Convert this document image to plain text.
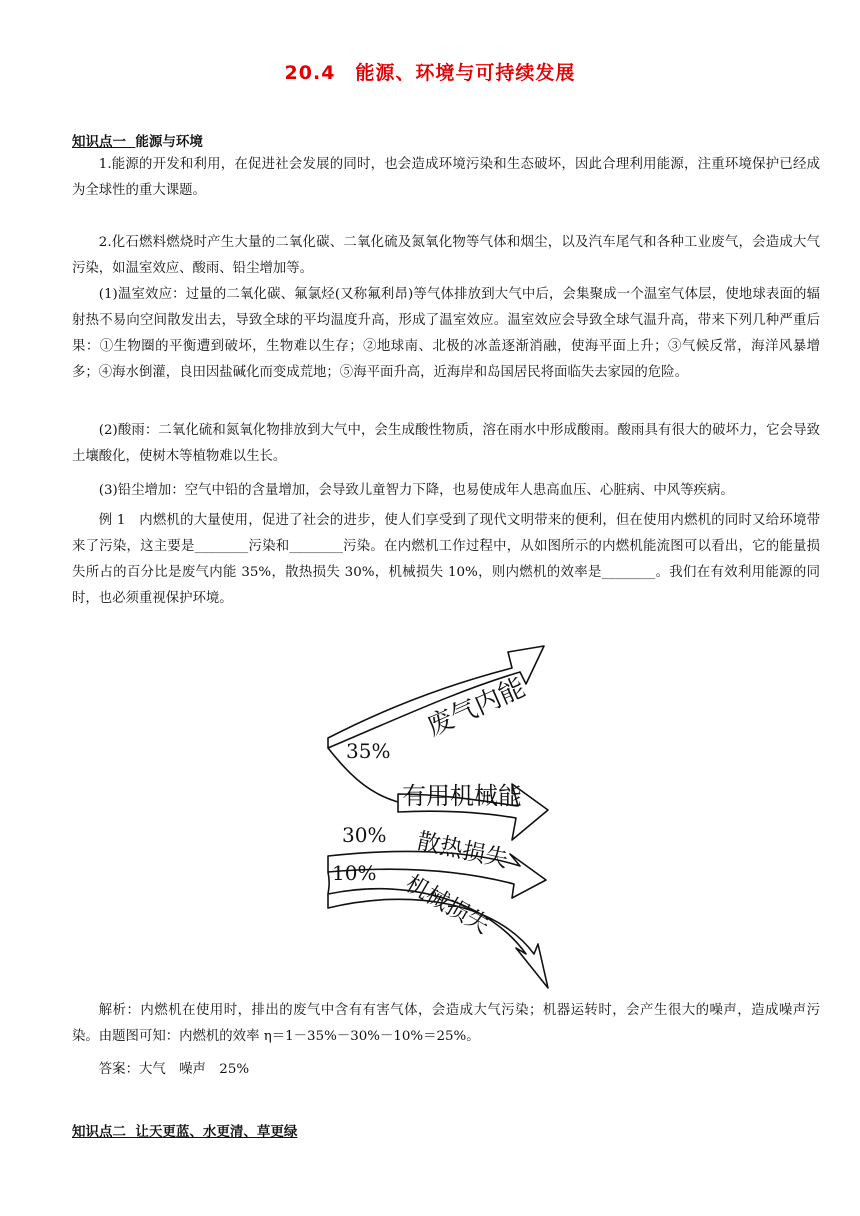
20.4　能源、环境与可持续发展
知识点一 能源与环境

1.能源的开发和利用，在促进社会发展的同时，也会造成环境污染和生态破坏，因此合理利用能源，注重环境保护已经成为全球性的重大课题。

2.化石燃料燃烧时产生大量的二氧化碳、二氧化硫及氮氧化物等气体和烟尘，以及汽车尾气和各种工业废气，会造成大气污染，如温室效应、酸雨、铅尘增加等。

(1)温室效应：过量的二氧化碳、氟氯烃(又称氟利昂)等气体排放到大气中后，会集聚成一个温室气体层，使地球表面的辐射热不易向空间散发出去，导致全球的平均温度升高，形成了温室效应。温室效应会导致全球气温升高，带来下列几种严重后果：①生物圈的平衡遭到破坏，生物难以生存；②地球南、北极的冰盖逐渐消融，使海平面上升；③气候反常，海洋风暴增多；④海水倒灌，良田因盐碱化而变成荒地；⑤海平面升高，近海岸和岛国居民将面临失去家园的危险。

(2)酸雨：二氧化硫和氮氧化物排放到大气中，会生成酸性物质，溶在雨水中形成酸雨。酸雨具有很大的破坏力，它会导致土壤酸化，使树木等植物难以生长。

(3)铅尘增加：空气中铅的含量增加，会导致儿童智力下降，也易使成年人患高血压、心脏病、中风等疾病。

例 1　内燃机的大量使用，促进了社会的进步，使人们享受到了现代文明带来的便利，但在使用内燃机的同时又给环境带来了污染，这主要是________污染和________污染。在内燃机工作过程中，从如图所示的内燃机能流图可以看出，它的能量损失所占的百分比是废气内能 35%，散热损失 30%，机械损失 10%，则内燃机的效率是________。我们在有效利用能源的同时，也必须重视保护环境。

35%
30%
10%
废气内能
有用机械能
散热损失
机械损失

解析：内燃机在使用时，排出的废气中含有有害气体，会造成大气污染；机器运转时，会产生很大的噪声，造成噪声污染。由题图可知：内燃机的效率 η＝1－35%－30%－10%＝25%。

答案：大气　噪声　25%
知识点二 让天更蓝、水更清、草更绿
